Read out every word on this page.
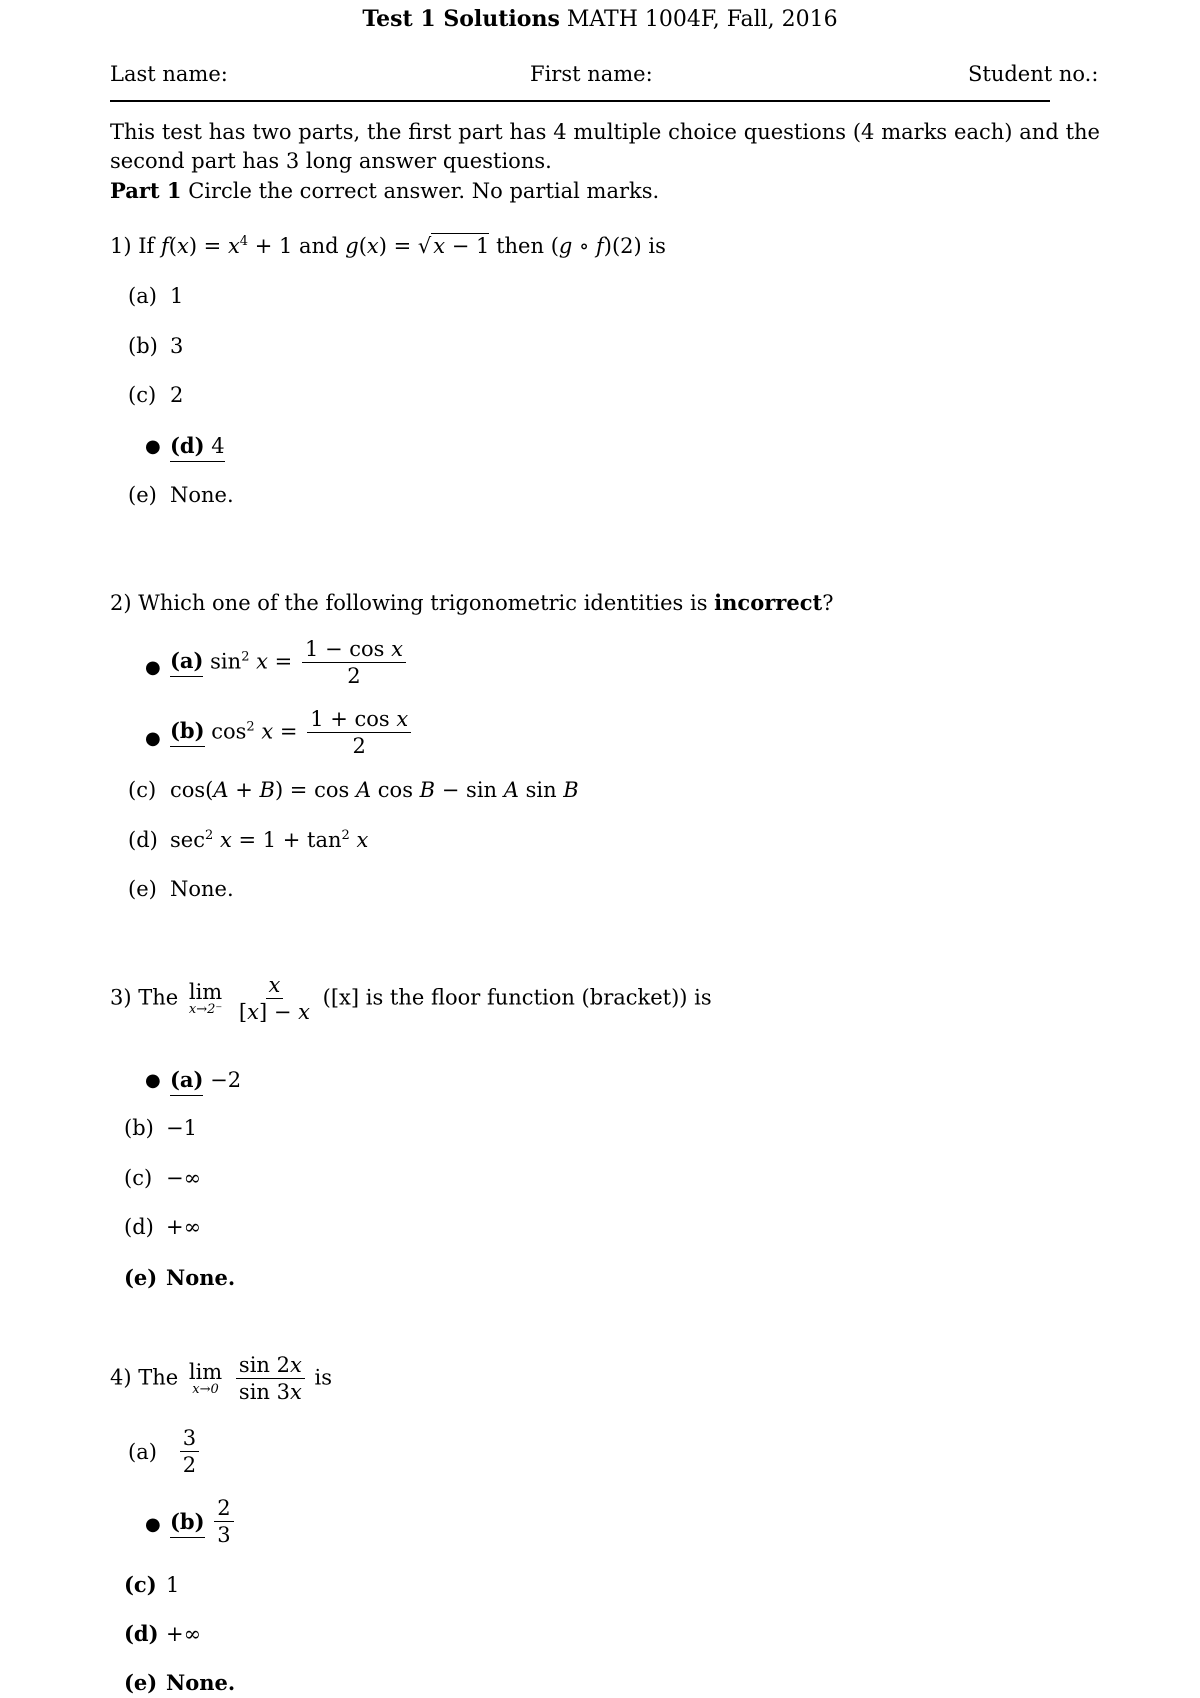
Test 1 Solutions MATH 1004F, Fall, 2016
Last name:	First name:	Student no.:
This test has two parts, the first part has 4 multiple choice questions (4 marks each) and the second part has 3 long answer questions.
Part 1 Circle the correct answer. No partial marks.
1) If $f(x) = x^4 + 1$ and g(x) = √x − 1 then (g ∘ f)(2) is
(a) 1
(b) 3
(c) 2
● (d) 4
(e) None.
2) Which one of the following trigonometric identities is incorrect?
● (a) $\sin^2 x = \frac{\text{1 − cos x}}{2}$
● (b) $\cos^2 x = \frac{\text{1 + cos x}}{2}$
(c) cos(A + B) = cos A cos B − sin A sin B
(d) $\sec^2 x = 1 + \tan^2 x$
(e) None.
3) The lim
x→2⁻
$\frac{x}{[x] - x} ([x]$ is the floor function (bracket)) is
● (a) −2
(b) −1
(c) −∞
(d) +∞
(e) None.
4) The lim
x→0
$\frac{\sin 2x}{\sin 3x}$ is
$(a) \frac{3}{2}$
● $(b) \frac{2}{3}$
(c) 1
(d) +∞
(e) None.
